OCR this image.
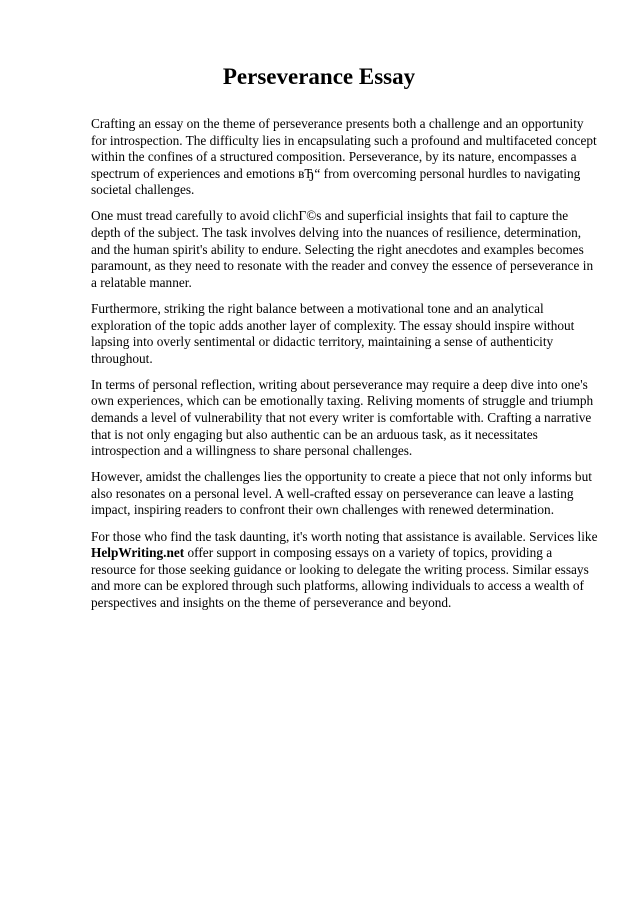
Perseverance Essay

Crafting an essay on the theme of perseverance presents both a challenge and an opportunity for introspection. The difficulty lies in encapsulating such a profound and multifaceted concept within the confines of a structured composition. Perseverance, by its nature, encompasses a spectrum of experiences and emotions вЂ“ from overcoming personal hurdles to navigating societal challenges.

One must tread carefully to avoid clichГ©s and superficial insights that fail to capture the depth of the subject. The task involves delving into the nuances of resilience, determination, and the human spirit's ability to endure. Selecting the right anecdotes and examples becomes paramount, as they need to resonate with the reader and convey the essence of perseverance in a relatable manner.

Furthermore, striking the right balance between a motivational tone and an analytical exploration of the topic adds another layer of complexity. The essay should inspire without lapsing into overly sentimental or didactic territory, maintaining a sense of authenticity throughout.

In terms of personal reflection, writing about perseverance may require a deep dive into one's own experiences, which can be emotionally taxing. Reliving moments of struggle and triumph demands a level of vulnerability that not every writer is comfortable with. Crafting a narrative that is not only engaging but also authentic can be an arduous task, as it necessitates introspection and a willingness to share personal challenges.

However, amidst the challenges lies the opportunity to create a piece that not only informs but also resonates on a personal level. A well-crafted essay on perseverance can leave a lasting impact, inspiring readers to confront their own challenges with renewed determination.

For those who find the task daunting, it's worth noting that assistance is available. Services like
HelpWriting.net offer support in composing essays on a variety of topics, providing a resource for those seeking guidance or looking to delegate the writing process. Similar essays and more can be explored through such platforms, allowing individuals to access a wealth of perspectives and insights on the theme of perseverance and beyond.
